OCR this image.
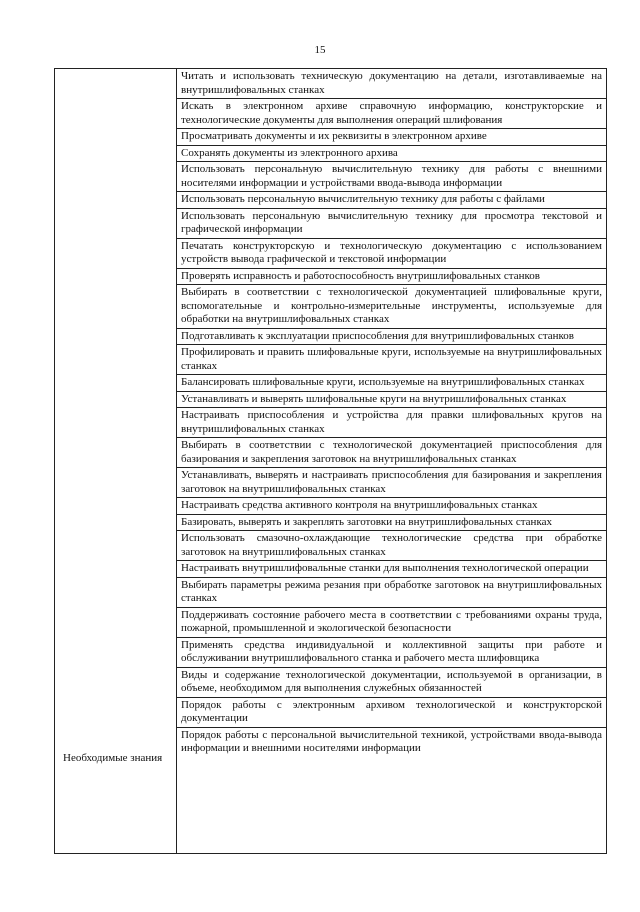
15
Необходимые знания
Читать и использовать техническую документацию на детали, изготавливаемые на внутришлифовальных станках
Искать в электронном архиве справочную информацию, конструкторские и технологические документы для выполнения операций шлифования
Просматривать документы и их реквизиты в электронном архиве
Сохранять документы из электронного архива
Использовать персональную вычислительную технику для работы с внешними носителями информации и устройствами ввода-вывода информации
Использовать персональную вычислительную технику для работы с файлами
Использовать персональную вычислительную технику для просмотра текстовой и графической информации
Печатать конструкторскую и технологическую документацию с использованием устройств вывода графической и текстовой информации
Проверять исправность и работоспособность внутришлифовальных станков
Выбирать в соответствии с технологической документацией шлифовальные круги, вспомогательные и контрольно-измерительные инструменты, используемые для обработки на внутришлифовальных станках
Подготавливать к эксплуатации приспособления для внутришлифовальных станков
Профилировать и править шлифовальные круги, используемые на внутришлифовальных станках
Балансировать шлифовальные круги, используемые на внутришлифовальных станках
Устанавливать и выверять шлифовальные круги на внутришлифовальных станках
Настраивать приспособления и устройства для правки шлифовальных кругов на внутришлифовальных станках
Выбирать в соответствии с технологической документацией приспособления для базирования и закрепления заготовок на внутришлифовальных станках
Устанавливать, выверять и настраивать приспособления для базирования и закрепления заготовок на внутришлифовальных станках
Настраивать средства активного контроля на внутришлифовальных станках
Базировать, выверять и закреплять заготовки на внутришлифовальных станках
Использовать смазочно-охлаждающие технологические средства при обработке заготовок на внутришлифовальных станках
Настраивать внутришлифовальные станки для выполнения технологической операции
Выбирать параметры режима резания при обработке заготовок на внутришлифовальных станках
Поддерживать состояние рабочего места в соответствии с требованиями охраны труда, пожарной, промышленной и экологической безопасности
Применять средства индивидуальной и коллективной защиты при работе и обслуживании внутришлифовального станка и рабочего места шлифовщика
Виды и содержание технологической документации, используемой в организации, в объеме, необходимом для выполнения служебных обязанностей
Порядок работы с электронным архивом технологической и конструкторской документации
Порядок работы с персональной вычислительной техникой, устройствами ввода-вывода информации и внешними носителями информации
